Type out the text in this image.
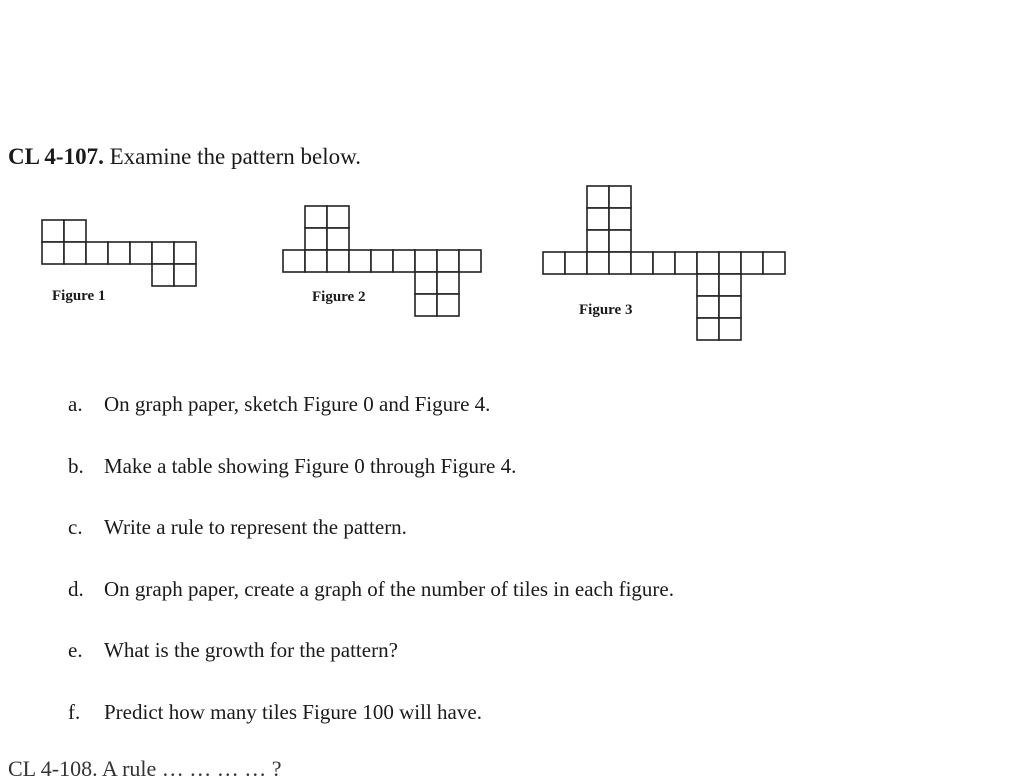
CL 4-107. Examine the pattern below.
Figure 1	Figure 2
Figure 3
a. On graph paper, sketch Figure 0 and Figure 4.
b. Make a table showing Figure 0 through Figure 4.
c. Write a rule to represent the pattern.
d. On graph paper, create a graph of the number of tiles in each figure.
e. What is the growth for the pattern?
f. Predict how many tiles Figure 100 will have.
CL 4-108. A rule … … … … ?
